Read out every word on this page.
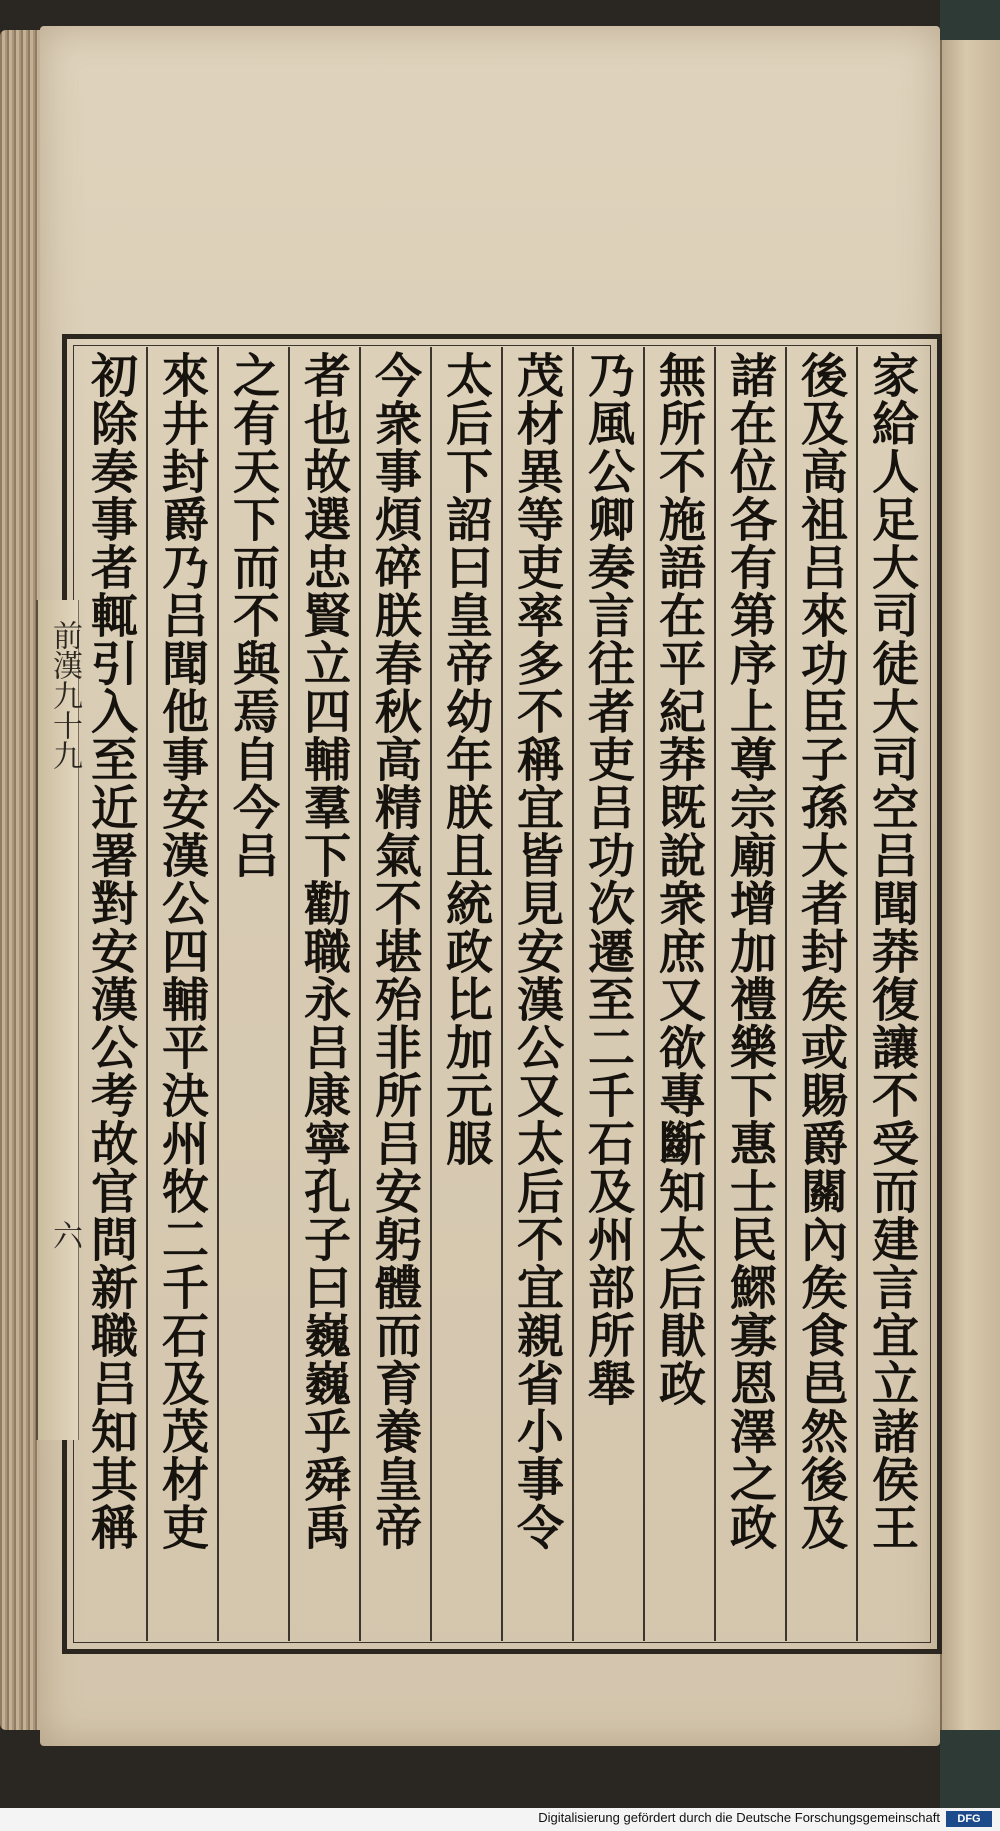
家給人足大司徒大司空吕聞莽復讓不受而建言宜立諸侯王
後及高祖吕來功臣子孫大者封矦或賜爵關內矦食邑然後及
諸在位各有第序上尊宗廟增加禮樂下惠士民鰥寡恩澤之政
無所不施語在平紀莽既說衆庶又欲專斷知太后猒政
乃風公卿奏言往者吏吕功次遷至二千石及州部所舉
茂材異等吏率多不稱宜皆見安漢公又太后不宜親省小事令
太后下詔曰皇帝幼年朕且統政比加元服
今衆事煩碎朕春秋高精氣不堪殆非所吕安躬體而育養皇帝
者也故選忠賢立四輔羣下勸職永吕康寧孔子曰巍巍乎舜禹
之有天下而不與焉自今吕
來井封爵乃吕聞他事安漢公四輔平決州牧二千石及茂材吏
初除奏事者輒引入至近署對安漢公考故官問新職吕知其稱
前漢九十九
六
Digitalisierung gefördert durch die Deutsche Forschungsgemeinschaft	DFG
